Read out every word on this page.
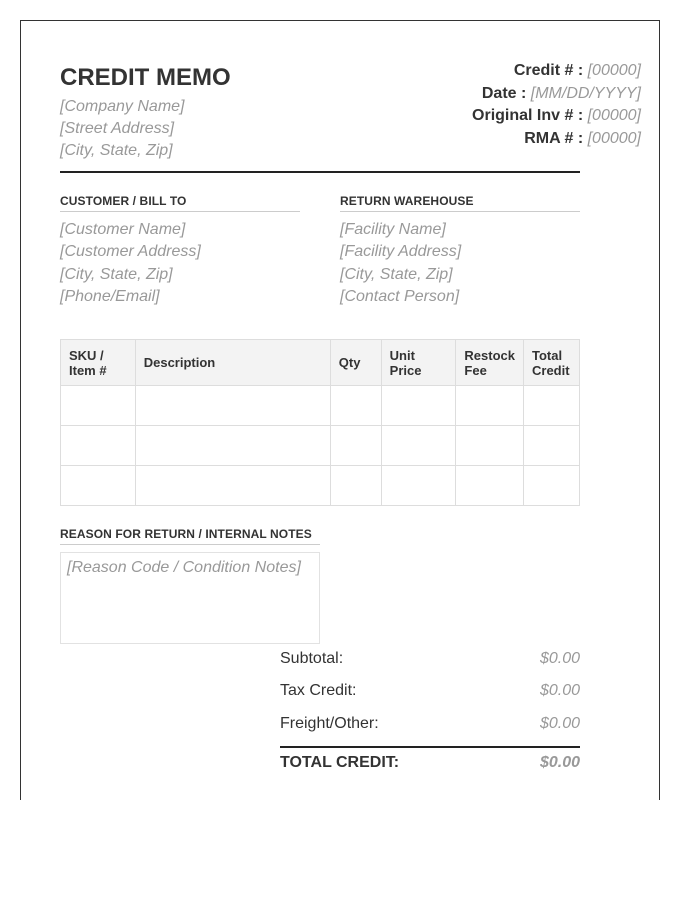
CREDIT MEMO
[Company Name]
[Street Address]
[City, State, Zip]
Credit # : [00000]
Date : [MM/DD/YYYY]
Original Inv # : [00000]
RMA # : [00000]
CUSTOMER / BILL TO
[Customer Name]
[Customer Address]
[City, State, Zip]
[Phone/Email]
RETURN WAREHOUSE
[Facility Name]
[Facility Address]
[City, State, Zip]
[Contact Person]
SKU / Item #	Description	Qty	Unit Price	Restock Fee	Total Credit

REASON FOR RETURN / INTERNAL NOTES
[Reason Code / Condition Notes]
Subtotal:	$0.00
Tax Credit:	$0.00
Freight/Other:	$0.00
TOTAL CREDIT:	$0.00
